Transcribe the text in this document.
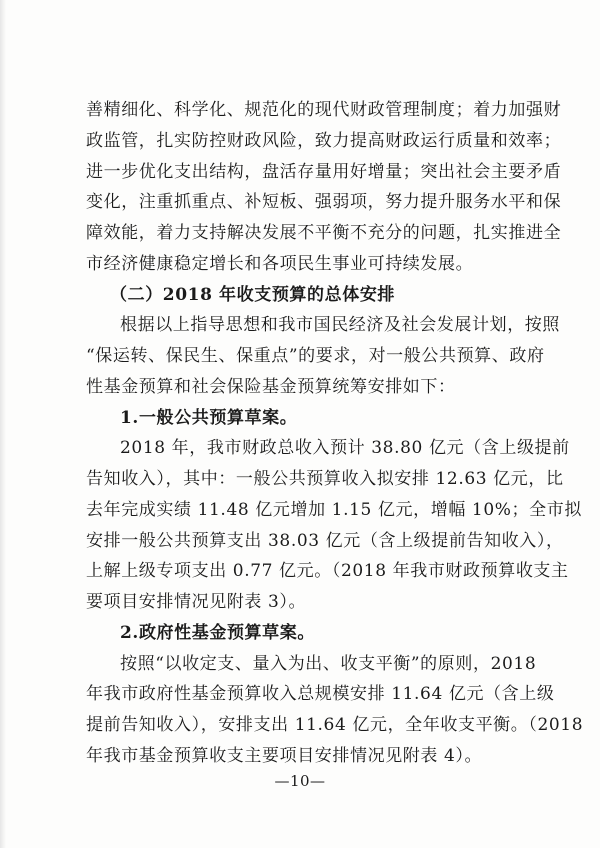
善精细化、科学化、规范化的现代财政管理制度；着力加强财
政监管，扎实防控财政风险，致力提高财政运行质量和效率；
进一步优化支出结构，盘活存量用好增量；突出社会主要矛盾
变化，注重抓重点、补短板、强弱项，努力提升服务水平和保
障效能，着力支持解决发展不平衡不充分的问题，扎实推进全
市经济健康稳定增长和各项民生事业可持续发展。
（二）2018 年收支预算的总体安排
根据以上指导思想和我市国民经济及社会发展计划，按照
“保运转、保民生、保重点”的要求，对一般公共预算、政府
性基金预算和社会保险基金预算统筹安排如下：
1.一般公共预算草案。
2018 年，我市财政总收入预计 38.80 亿元（含上级提前
告知收入），其中：一般公共预算收入拟安排 12.63 亿元，比
去年完成实绩 11.48 亿元增加 1.15 亿元，增幅 10%；全市拟
安排一般公共预算支出 38.03 亿元（含上级提前告知收入），
上解上级专项支出 0.77 亿元。（2018 年我市财政预算收支主
要项目安排情况见附表 3）。
2.政府性基金预算草案。
按照“以收定支、量入为出、收支平衡”的原则，2018
年我市政府性基金预算收入总规模安排 11.64 亿元（含上级
提前告知收入），安排支出 11.64 亿元，全年收支平衡。（2018
年我市基金预算收支主要项目安排情况见附表 4）。
—10—
